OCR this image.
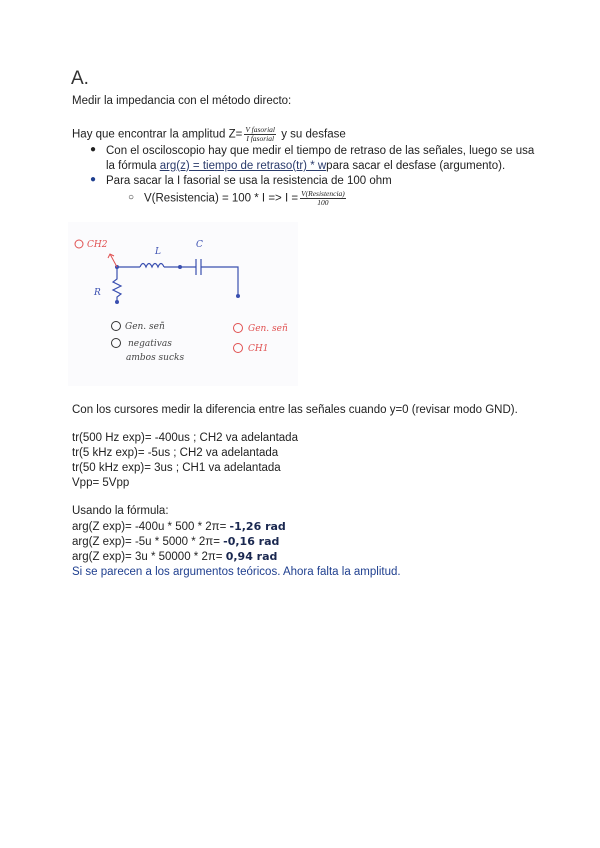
A.
Medir la impedancia con el método directo:
Hay que encontrar la amplitud $Z= \frac{\text{V fasorial}}{\text{I fasorial}}$ y su desfase
● Con el osciloscopio hay que medir el tiempo de retraso de las señales, luego se usa
la fórmula arg(z) = tiempo de retraso(tr) * wpara sacar el desfase (argumento).
● Para sacar la I fasorial se usa la resistencia de 100 ohm
○ V(Resistencia) = $100 * I => I = \frac{\text{V(Resistencia)}}{100}$
CH2
L
C
R
Gen. señ
negativas
ambos sucks
Gen. señ
CH1
Con los cursores medir la diferencia entre las señales cuando y=0 (revisar modo GND).
tr(500 Hz exp)= -400us ; CH2 va adelantada
tr(5 kHz exp)= -5us ; CH2 va adelantada
tr(50 kHz exp)= 3us ; CH1 va adelantada
Vpp= 5Vpp
Usando la fórmula:
arg(Z exp)= -400u * 500 * 2π= -1,26 rad
arg(Z exp)= -5u * 5000 * 2π= -0,16 rad
arg(Z exp)= 3u * 50000 * 2π= 0,94 rad
Si se parecen a los argumentos teóricos. Ahora falta la amplitud.
